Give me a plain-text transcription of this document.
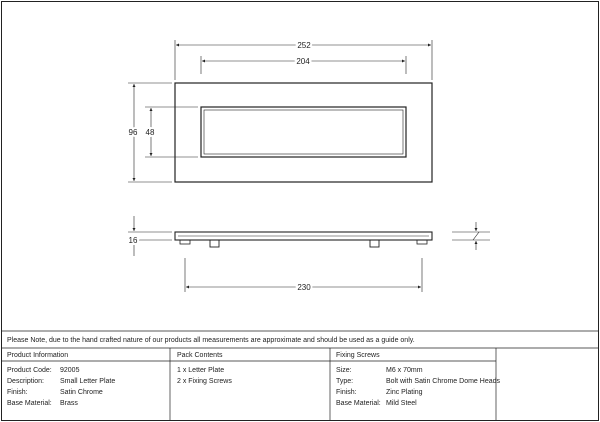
252
204
96 48
16
230
Please Note, due to the hand crafted nature of our products all measurements are approximate and should be used as a guide only.
Product Information
Product Code: 92005
Description: Small Letter Plate
Finish:	Satin Chrome
Base Material: Brass
Pack Contents
1 x Letter Plate
2 x Fixing Screws
Fixing Screws
Size:	M6 x 70mm
Type:	Bolt with Satin Chrome Dome Heads
Finish:	Zinc Plating
Base Material: Mild Steel
